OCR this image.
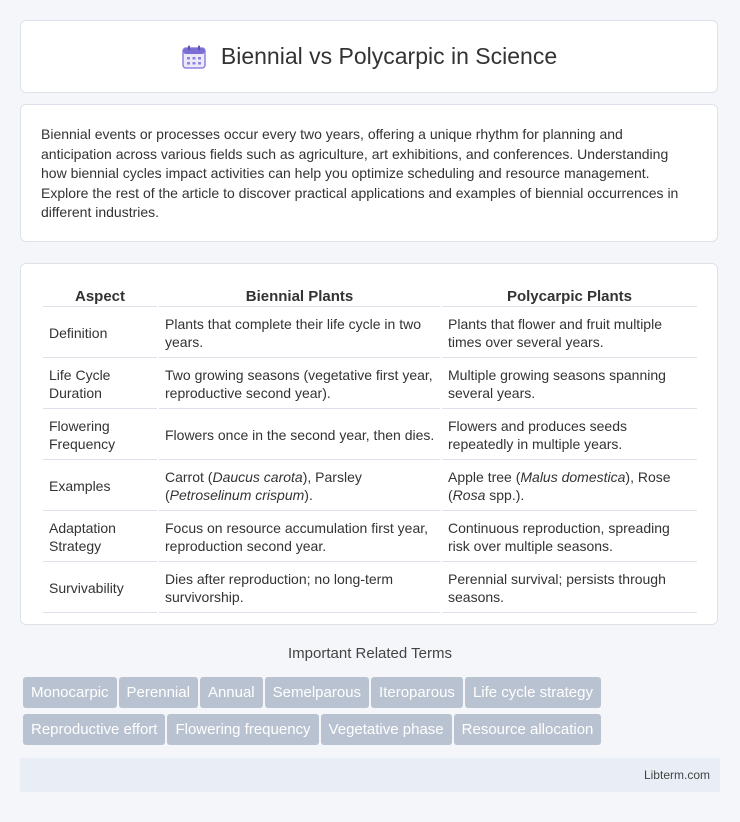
Biennial vs Polycarpic in Science

Biennial events or processes occur every two years, offering a unique rhythm for planning and anticipation across various fields such as agriculture, art exhibitions, and conferences. Understanding how biennial cycles impact activities can help you optimize scheduling and resource management. Explore the rest of the article to discover practical applications and examples of biennial occurrences in different industries.

Aspect	Biennial Plants	Polycarpic Plants
Definition	Plants that complete their life cycle in two years.	Plants that flower and fruit multiple times over several years.
Life Cycle Duration	Two growing seasons (vegetative first year, reproductive second year).	Multiple growing seasons spanning several years.
Flowering Frequency	Flowers once in the second year, then dies.	Flowers and produces seeds repeatedly in multiple years.
Examples	Carrot (Daucus carota), Parsley (Petroselinum crispum).	Apple tree (Malus domestica), Rose (Rosa spp.).
Adaptation Strategy	Focus on resource accumulation first year, reproduction second year.	Continuous reproduction, spreading risk over multiple seasons.
Survivability	Dies after reproduction; no long-term survivorship.	Perennial survival; persists through seasons.
Important Related Terms
Monocarpic Perennial Annual Semelparous Iteroparous Life cycle strategy
Reproductive effort Flowering frequency Vegetative phase Resource allocation
Libterm.com
